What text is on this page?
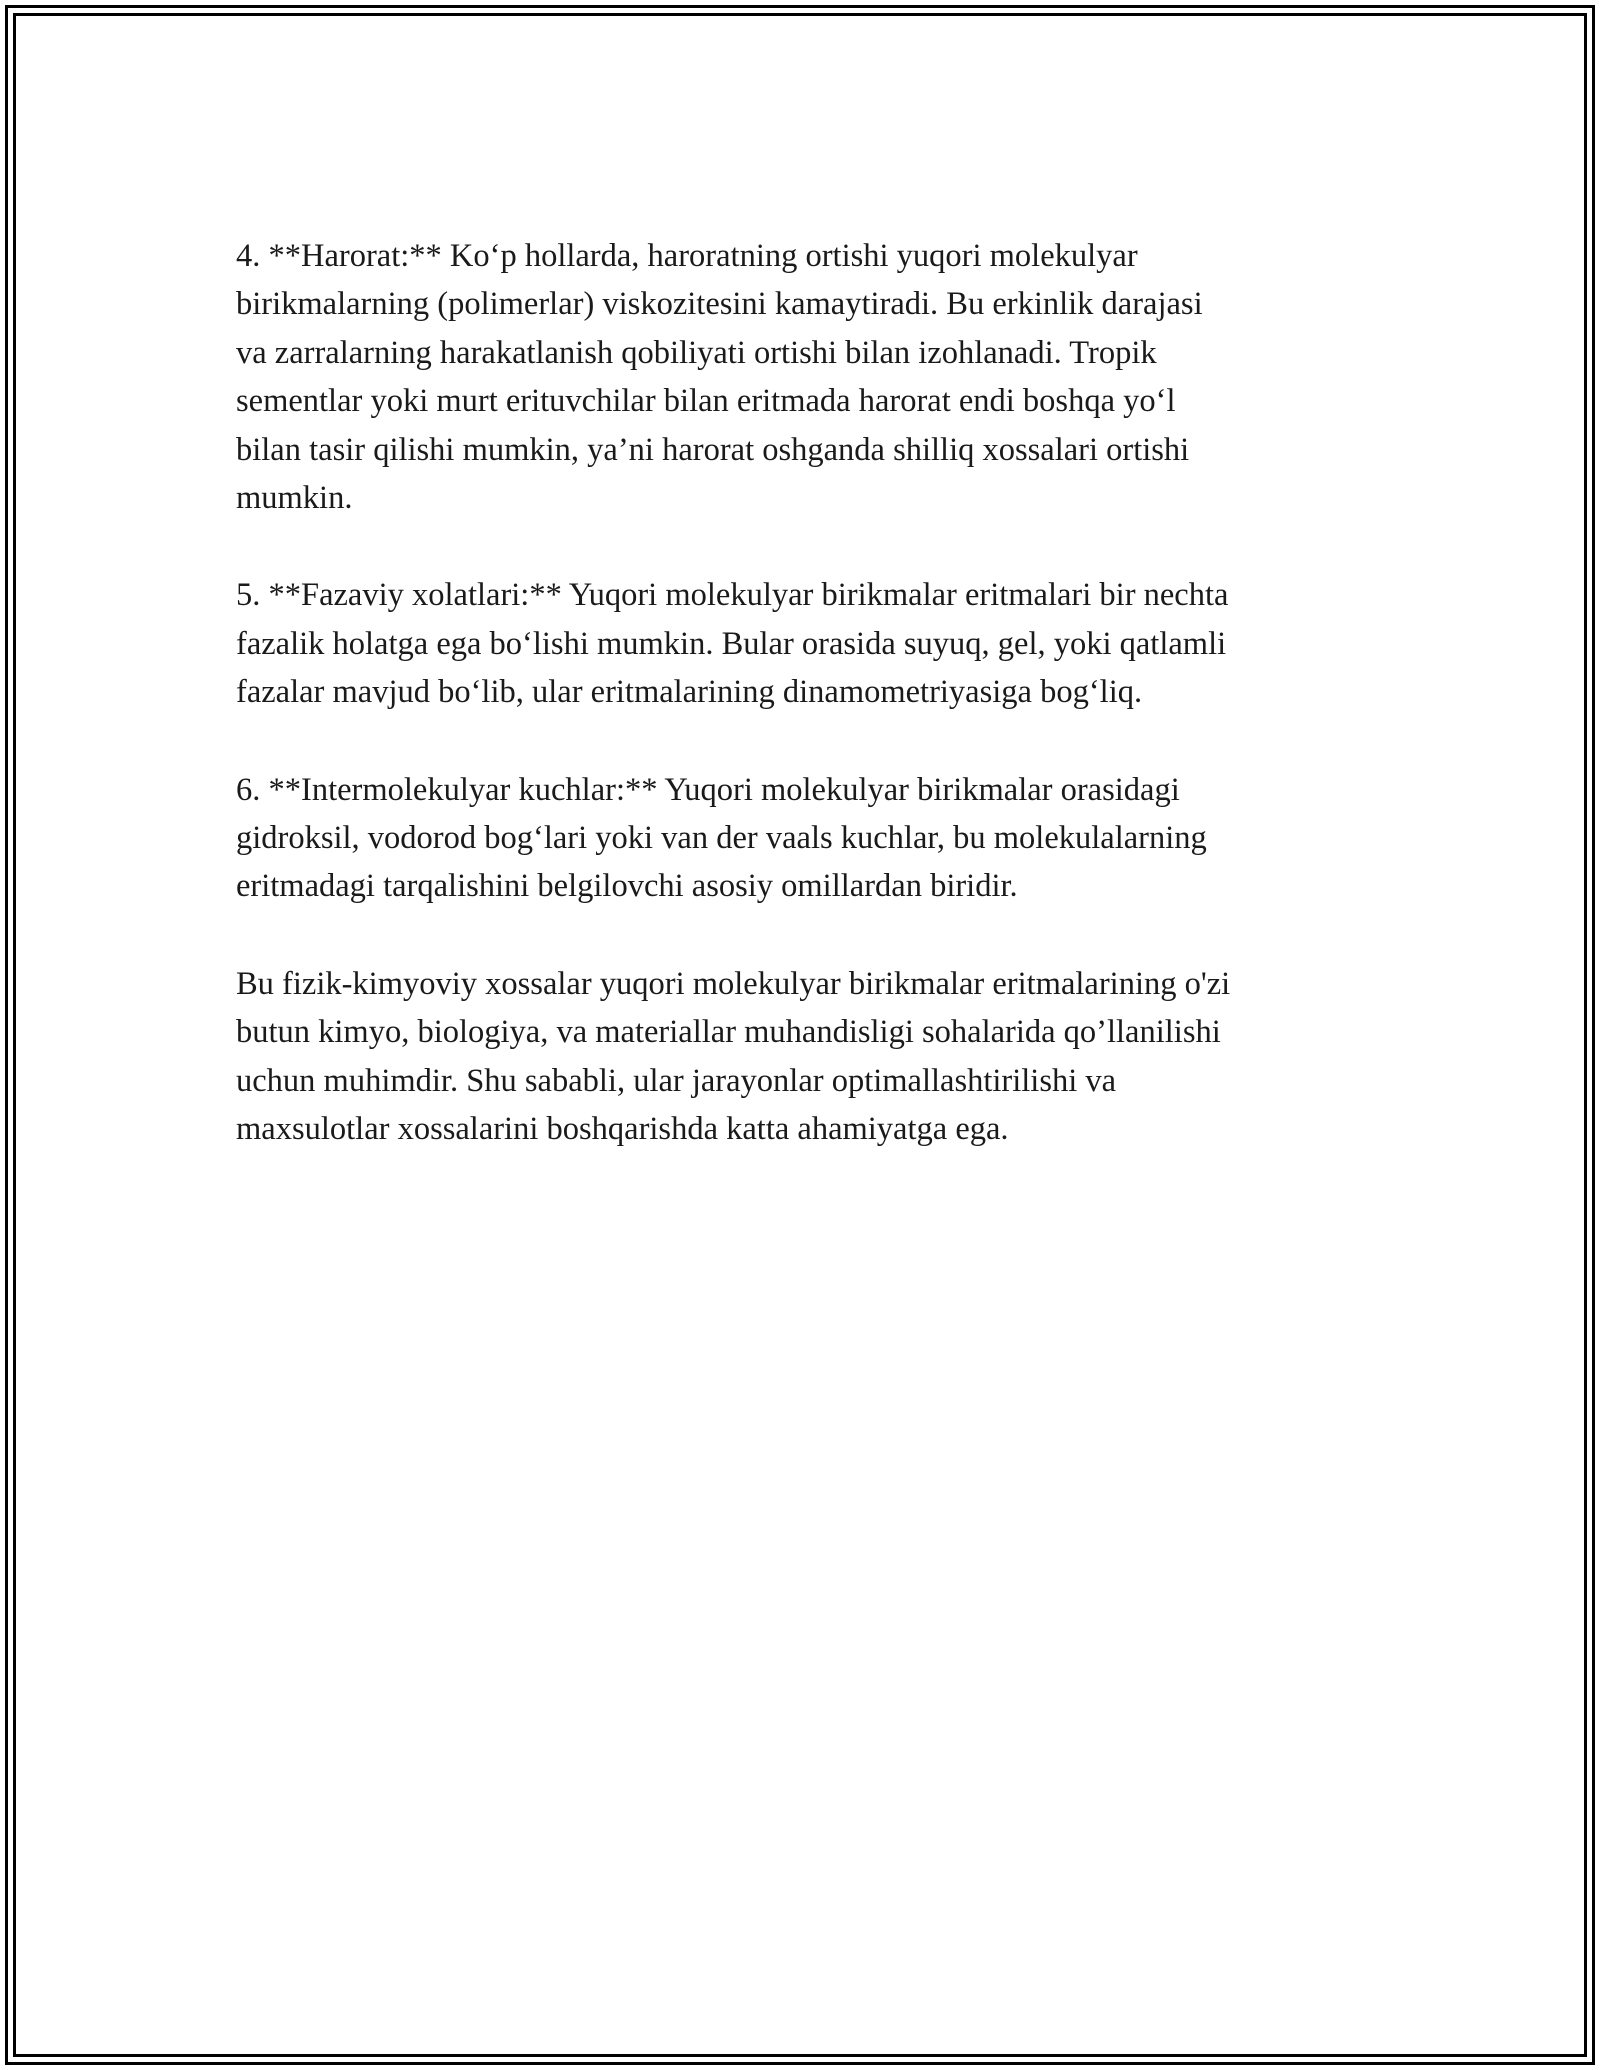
4. **Harorat:** Ko‘p hollarda, haroratning ortishi yuqori molekulyar
birikmalarning (polimerlar) viskozitesini kamaytiradi. Bu erkinlik darajasi
va zarralarning harakatlanish qobiliyati ortishi bilan izohlanadi. Tropik
sementlar yoki murt erituvchilar bilan eritmada harorat endi boshqa yo‘l
bilan tasir qilishi mumkin, ya’ni harorat oshganda shilliq xossalari ortishi
mumkin.

5. **Fazaviy xolatlari:** Yuqori molekulyar birikmalar eritmalari bir nechta
fazalik holatga ega bo‘lishi mumkin. Bular orasida suyuq, gel, yoki qatlamli
fazalar mavjud bo‘lib, ular eritmalarining dinamometriyasiga bog‘liq.

6. **Intermolekulyar kuchlar:** Yuqori molekulyar birikmalar orasidagi
gidroksil, vodorod bog‘lari yoki van der vaals kuchlar, bu molekulalarning
eritmadagi tarqalishini belgilovchi asosiy omillardan biridir.

Bu fizik-kimyoviy xossalar yuqori molekulyar birikmalar eritmalarining o'zi
butun kimyo, biologiya, va materiallar muhandisligi sohalarida qo’llanilishi
uchun muhimdir. Shu sababli, ular jarayonlar optimallashtirilishi va
maxsulotlar xossalarini boshqarishda katta ahamiyatga ega.
